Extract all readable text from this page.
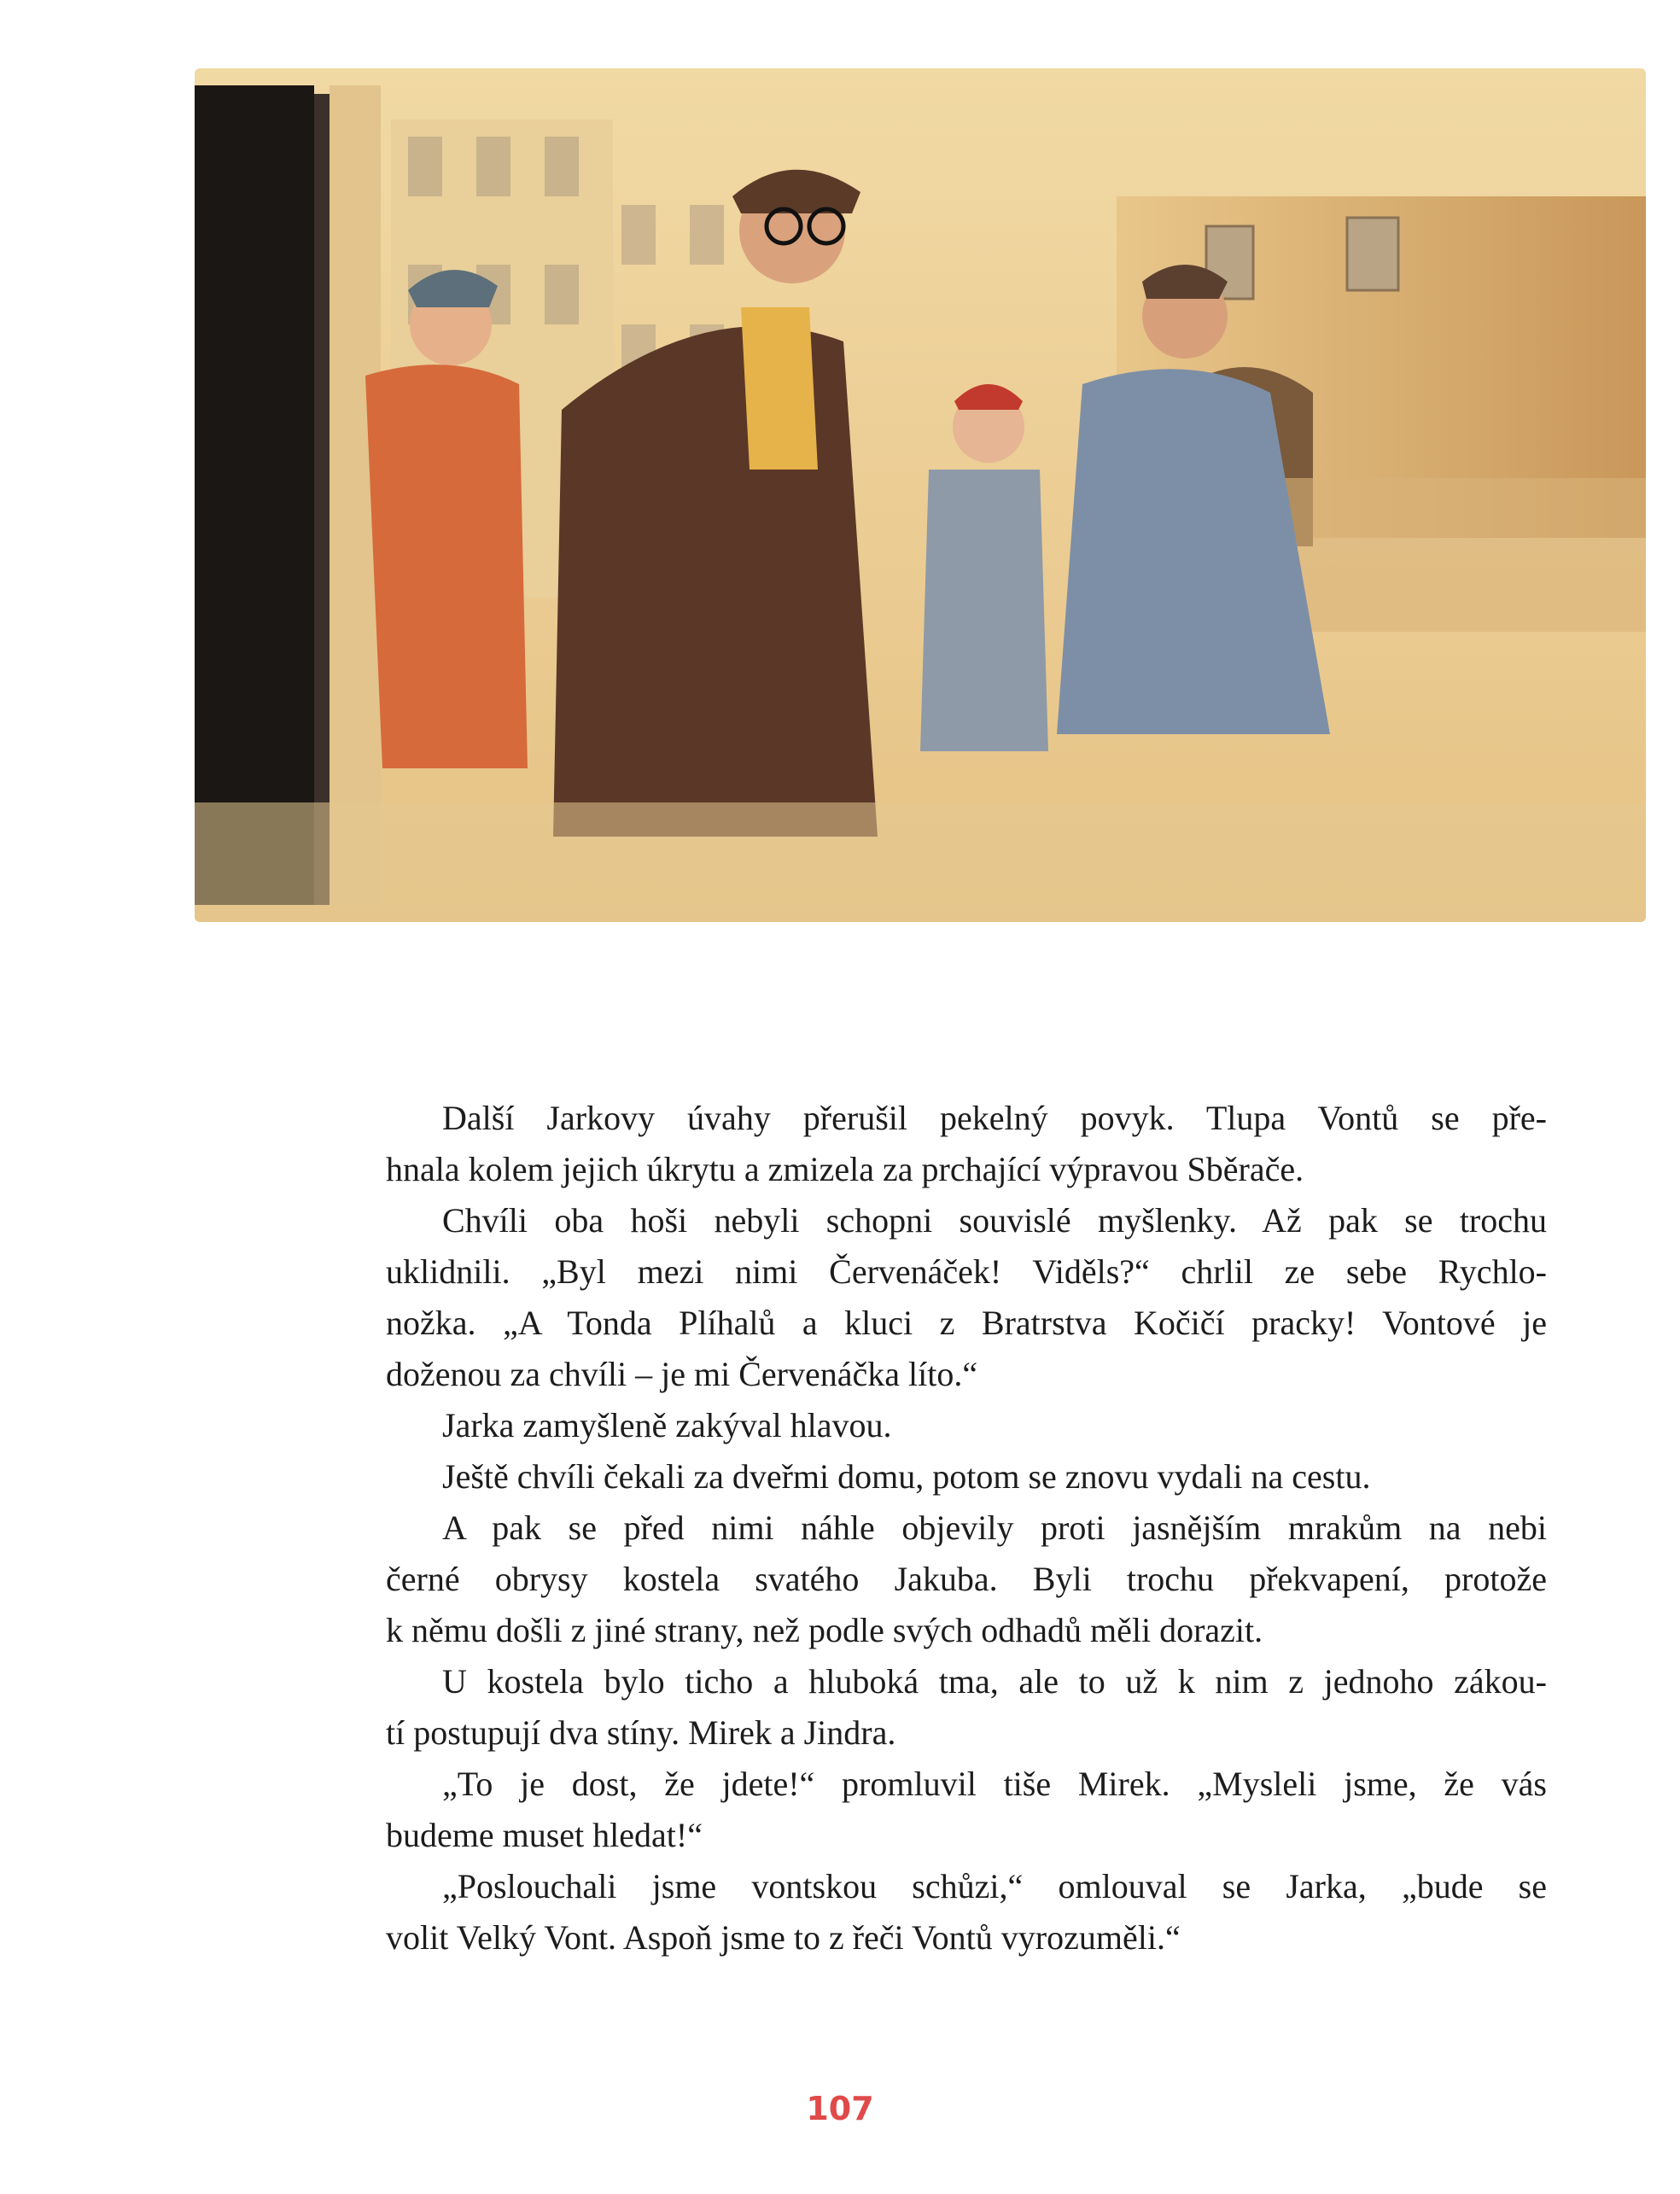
Další Jarkovy úvahy přerušil pekelný povyk. Tlupa Vontů se pře-
hnala kolem jejich úkrytu a zmizela za prchající výpravou Sběrače.
Chvíli oba hoši nebyli schopni souvislé myšlenky. Až pak se trochu
uklidnili. „Byl mezi nimi Červenáček! Viděls?“ chrlil ze sebe Rychlo-
nožka. „A Tonda Plíhalů a kluci z Bratrstva Kočičí pracky! Vontové je
doženou za chvíli – je mi Červenáčka líto.“
Jarka zamyšleně zakýval hlavou.
Ještě chvíli čekali za dveřmi domu, potom se znovu vydali na cestu.
A pak se před nimi náhle objevily proti jasnějším mrakům na nebi
černé obrysy kostela svatého Jakuba. Byli trochu překvapení, protože
k němu došli z jiné strany, než podle svých odhadů měli dorazit.
U kostela bylo ticho a hluboká tma, ale to už k nim z jednoho zákou-
tí postupují dva stíny. Mirek a Jindra.
„To je dost, že jdete!“ promluvil tiše Mirek. „Mysleli jsme, že vás
budeme muset hledat!“
„Poslouchali jsme vontskou schůzi,“ omlouval se Jarka, „bude se
volit Velký Vont. Aspoň jsme to z řeči Vontů vyrozuměli.“
107
